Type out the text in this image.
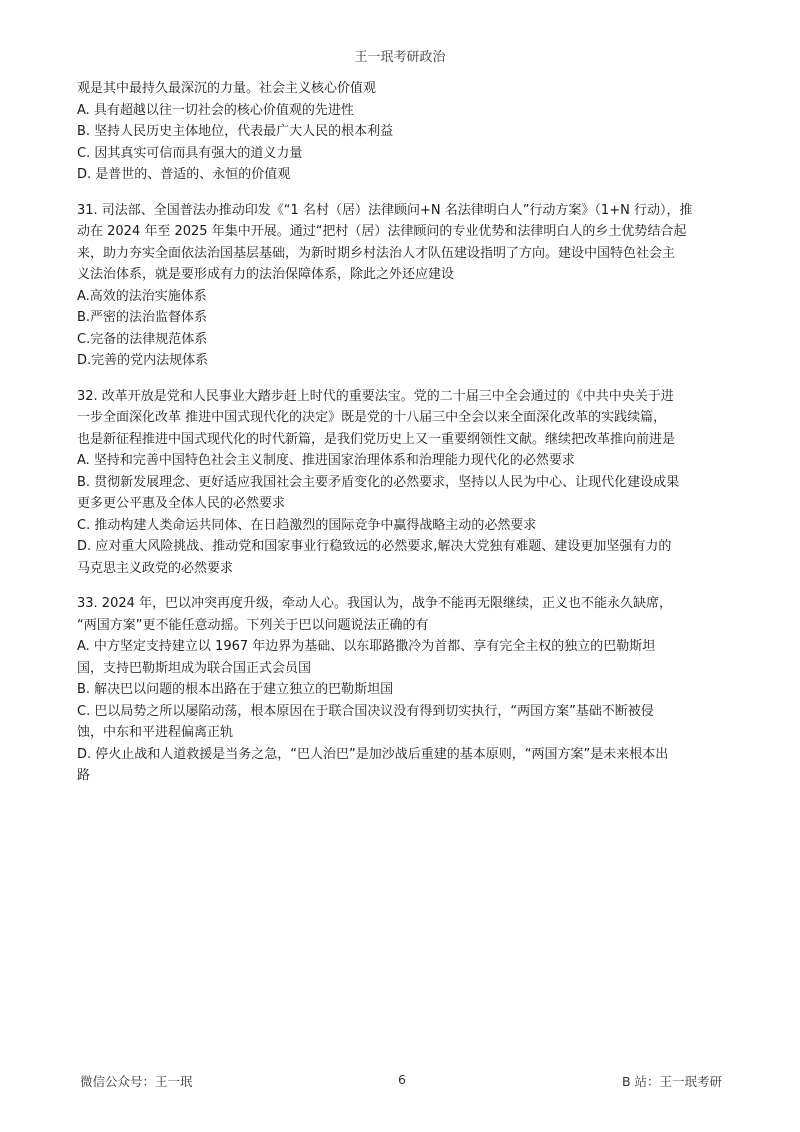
王一珉考研政治
观是其中最持久最深沉的力量。社会主义核心价值观
A. 具有超越以往一切社会的核心价值观的先进性
B. 坚持人民历史主体地位，代表最广大人民的根本利益
C. 因其真实可信而具有强大的道义力量
D. 是普世的、普适的、永恒的价值观
31. 司法部、全国普法办推动印发《“1 名村（居）法律顾问+N 名法律明白人”行动方案》（1+N 行动），推
动在 2024 年至 2025 年集中开展。通过“把村（居）法律顾问的专业优势和法律明白人的乡土优势结合起
来，助力夯实全面依法治国基层基础，为新时期乡村法治人才队伍建设指明了方向。建设中国特色社会主
义法治体系，就是要形成有力的法治保障体系，除此之外还应建设
A.高效的法治实施体系
B.严密的法治监督体系
C.完备的法律规范体系
D.完善的党内法规体系
32. 改革开放是党和人民事业大踏步赶上时代的重要法宝。党的二十届三中全会通过的《中共中央关于进
一步全面深化改革 推进中国式现代化的决定》既是党的十八届三中全会以来全面深化改革的实践续篇，
也是新征程推进中国式现代化的时代新篇，是我们党历史上又一重要纲领性文献。继续把改革推向前进是
A. 坚持和完善中国特色社会主义制度、推进国家治理体系和治理能力现代化的必然要求
B. 贯彻新发展理念、更好适应我国社会主要矛盾变化的必然要求，坚持以人民为中心、让现代化建设成果
更多更公平惠及全体人民的必然要求
C. 推动构建人类命运共同体、在日趋激烈的国际竞争中赢得战略主动的必然要求
D. 应对重大风险挑战、推动党和国家事业行稳致远的必然要求,解决大党独有难题、建设更加坚强有力的
马克思主义政党的必然要求
33. 2024 年，巴以冲突再度升级，牵动人心。我国认为，战争不能再无限继续，正义也不能永久缺席，
“两国方案”更不能任意动摇。下列关于巴以问题说法正确的有
A. 中方坚定支持建立以 1967 年边界为基础、以东耶路撒冷为首都、享有完全主权的独立的巴勒斯坦
国，支持巴勒斯坦成为联合国正式会员国
B. 解决巴以问题的根本出路在于建立独立的巴勒斯坦国
C. 巴以局势之所以屡陷动荡，根本原因在于联合国决议没有得到切实执行，“两国方案”基础不断被侵
蚀，中东和平进程偏离正轨
D. 停火止战和人道救援是当务之急，“巴人治巴”是加沙战后重建的基本原则，“两国方案”是未来根本出
路
微信公众号：王一珉	6	B 站：王一珉考研
